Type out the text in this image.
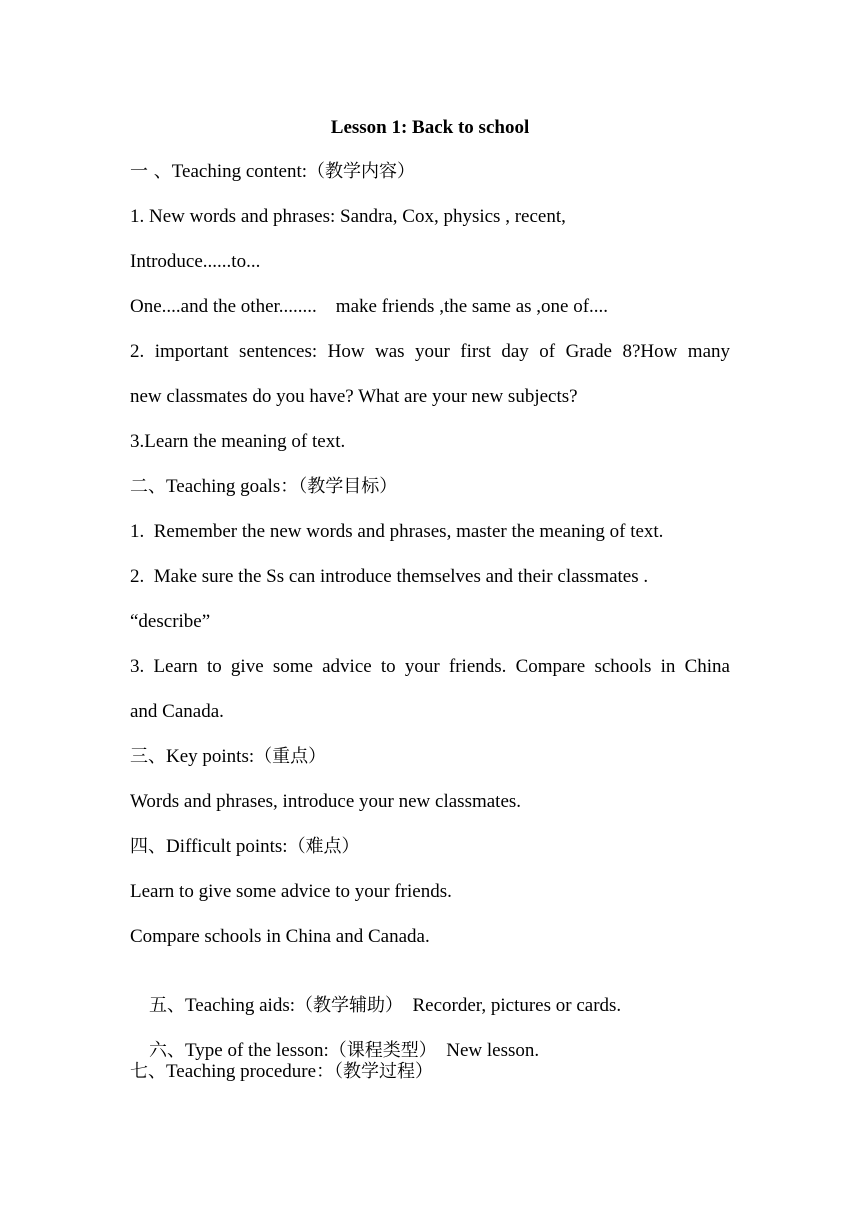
Lesson 1: Back to school
一 、Teaching content:（教学内容）
1. New words and phrases: Sandra, Cox, physics , recent,
Introduce......to...
One....and the other........    make friends ,the same as ,one of....
2. important sentences: How was your first day of Grade 8?How many
new classmates do you have? What are your new subjects?
3.Learn the meaning of text.
二、Teaching goals：（教学目标）
1.  Remember the new words and phrases, master the meaning of text.
2.  Make sure the Ss can introduce themselves and their classmates .
“describe”
3. Learn to give some advice to your friends. Compare schools in China
and Canada.
三、Key points:（重点）
Words and phrases, introduce your new classmates.
四、Difficult points:（难点）
Learn to give some advice to your friends.
Compare schools in China and Canada.

五、Teaching aids:（教学辅助）  Recorder, pictures or cards.

六、Type of the lesson:（课程类型）  New lesson.

七、Teaching procedure：（教学过程）
